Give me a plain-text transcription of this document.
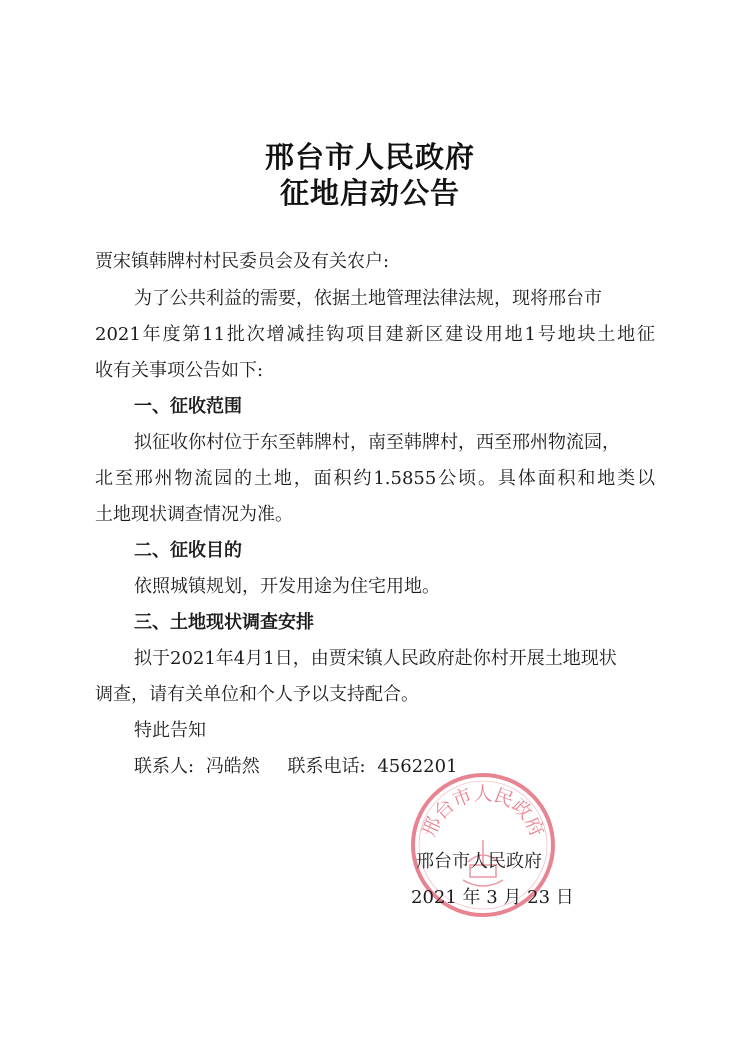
邢台市人民政府
征地启动公告
贾宋镇韩牌村村民委员会及有关农户:
为了公共利益的需要，依据土地管理法律法规，现将邢台市
2021年度第11批次增减挂钩项目建新区建设用地1号地块土地征
收有关事项公告如下:
一、征收范围
拟征收你村位于东至韩牌村，南至韩牌村，西至邢州物流园，
北至邢州物流园的土地，面积约1.5855公顷。具体面积和地类以
土地现状调查情况为准。
二、征收目的
依照城镇规划，开发用途为住宅用地。
三、土地现状调查安排
拟于2021年4月1日，由贾宋镇人民政府赴你村开展土地现状
调查，请有关单位和个人予以支持配合。
特此告知
联系人: 冯皓然 联系电话: 4562201
邢台市人民政府
邢台市人民政府
2021 年 3 月 23 日
